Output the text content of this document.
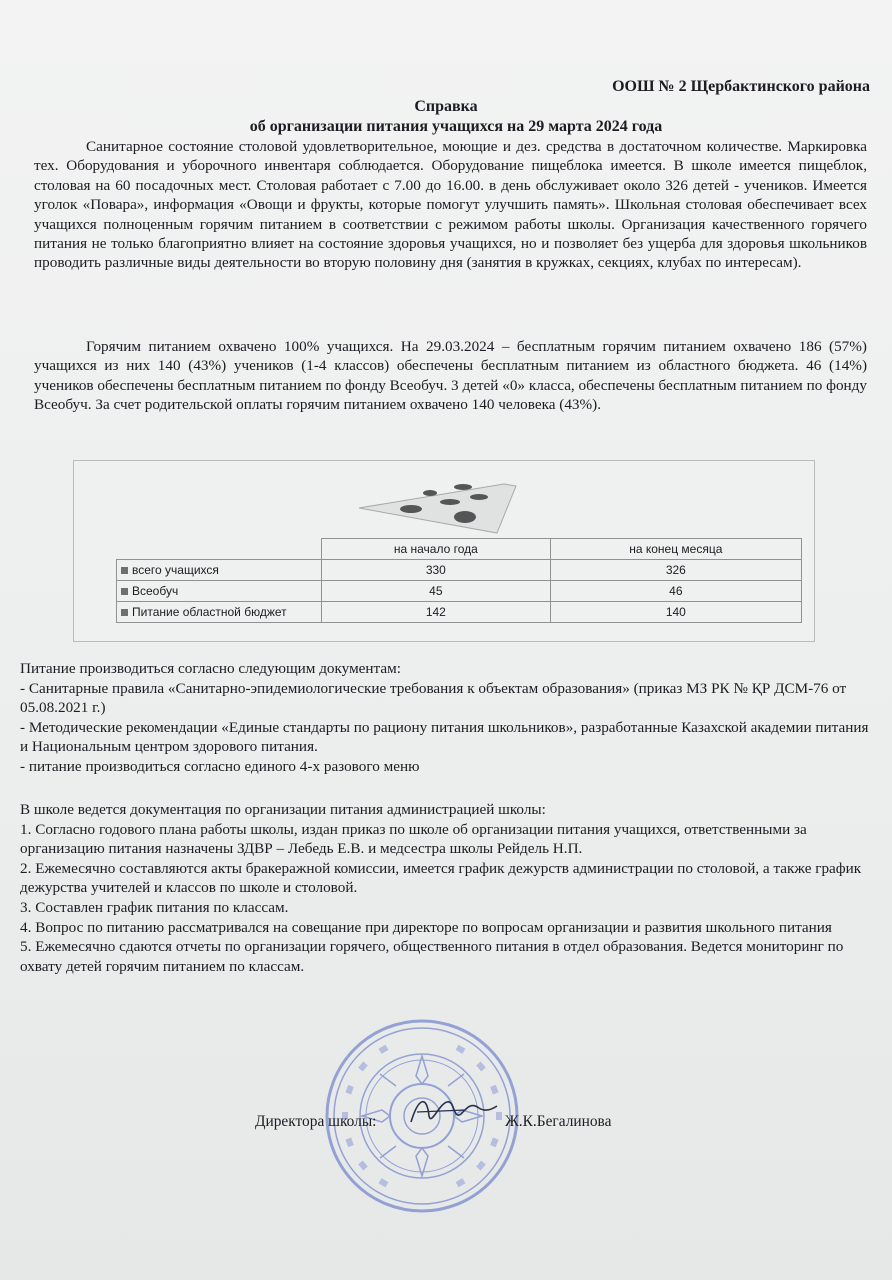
ООШ № 2 Щербактинского района

Справка

об организации питания учащихся на 29 марта 2024 года

Санитарное состояние столовой удовлетворительное, моющие и дез. средства в достаточном количестве. Маркировка тех. Оборудования и уборочного инвентаря соблюдается. Оборудование пищеблока имеется. В школе имеется пищеблок, столовая на 60 посадочных мест. Столовая работает с 7.00 до 16.00. в день обслуживает около 326 детей - учеников. Имеется уголок «Повара», информация «Овощи и фрукты, которые помогут улучшить память». Школьная столовая обеспечивает всех учащихся полноценным горячим питанием в соответствии с режимом работы школы. Организация качественного горячего питания не только благоприятно влияет на состояние здоровья учащихся, но и позволяет без ущерба для здоровья школьников проводить различные виды деятельности во вторую половину дня (занятия в кружках, секциях, клубах по интересам).

Горячим питанием охвачено 100% учащихся. На 29.03.2024 – бесплатным горячим питанием охвачено 186 (57%) учащихся из них 140 (43%) учеников (1-4 классов) обеспечены бесплатным питанием из областного бюджета. 46 (14%) учеников обеспечены бесплатным питанием по фонду Всеобуч. 3 детей «0» класса, обеспечены бесплатным питанием по фонду Всеобуч. За счет родительской оплаты горячим питанием охвачено 140 человека (43%).

	на начало года	на конец месяца
всего учащихся	330	326
Всеобуч	45	46
Питание областной бюджет	142	140

Питание производиться согласно следующим документам:

- Санитарные правила «Санитарно-эпидемиологические требования к объектам образования» (приказ МЗ РК № ҚР ДСМ-76 от 05.08.2021 г.)

- Методические рекомендации «Единые стандарты по рациону питания школьников», разработанные Казахской академии питания и Национальным центром здорового питания.

- питание производиться согласно единого 4-х разового меню

В школе ведется документация по организации питания администрацией школы:

1. Согласно годового плана работы школы, издан приказ по школе об организации питания учащихся, ответственными за организацию питания назначены ЗДВР – Лебедь Е.В. и медсестра школы Рейдель Н.П.

2. Ежемесячно составляются акты бракеражной комиссии, имеется график дежурств администрации по столовой, а также график дежурства учителей и классов по школе и столовой.

3. Составлен график питания по классам.

4. Вопрос по питанию рассматривался на совещание при директоре по вопросам организации и развития школьного питания

5. Ежемесячно сдаются отчеты по организации горячего, общественного питания в отдел образования. Ведется мониторинг по охвату детей горячим питанием по классам.

Директора школы:	Ж.К.Бегалинова
